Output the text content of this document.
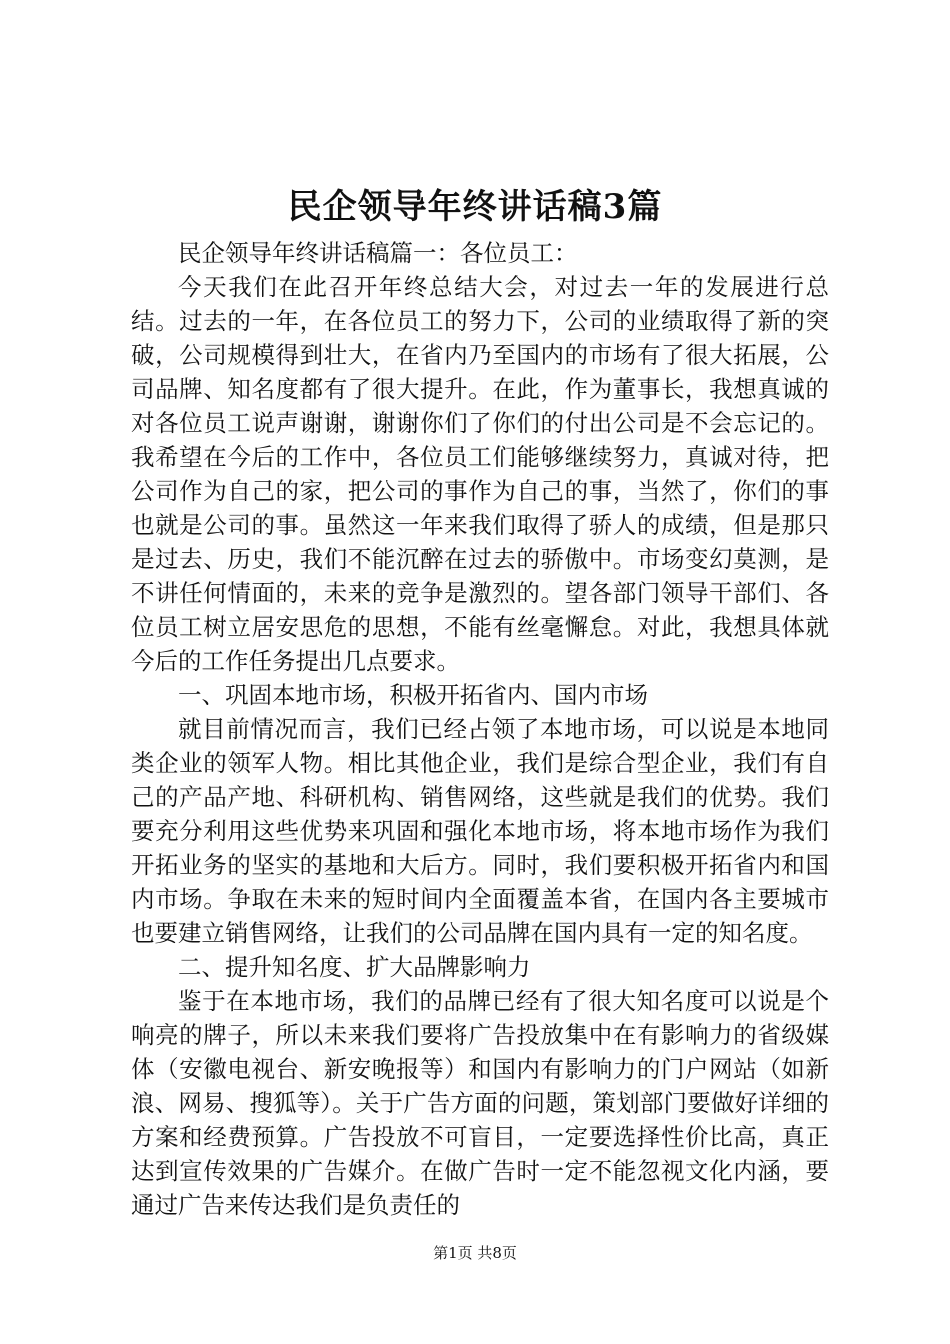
民企领导年终讲话稿3篇

民企领导年终讲话稿篇一：各位员工：

今天我们在此召开年终总结大会，对过去一年的发展进行总结。过去的一年，在各位员工的努力下，公司的业绩取得了新的突破，公司规模得到壮大，在省内乃至国内的市场有了很大拓展，公司品牌、知名度都有了很大提升。在此，作为董事长，我想真诚的对各位员工说声谢谢，谢谢你们了你们的付出公司是不会忘记的。我希望在今后的工作中，各位员工们能够继续努力，真诚对待，把公司作为自己的家，把公司的事作为自己的事，当然了，你们的事也就是公司的事。虽然这一年来我们取得了骄人的成绩，但是那只是过去、历史，我们不能沉醉在过去的骄傲中。市场变幻莫测，是不讲任何情面的，未来的竞争是激烈的。望各部门领导干部们、各位员工树立居安思危的思想，不能有丝毫懈怠。对此，我想具体就今后的工作任务提出几点要求。

一、巩固本地市场，积极开拓省内、国内市场

就目前情况而言，我们已经占领了本地市场，可以说是本地同类企业的领军人物。相比其他企业，我们是综合型企业，我们有自己的产品产地、科研机构、销售网络，这些就是我们的优势。我们要充分利用这些优势来巩固和强化本地市场，将本地市场作为我们开拓业务的坚实的基地和大后方。同时，我们要积极开拓省内和国内市场。争取在未来的短时间内全面覆盖本省，在国内各主要城市也要建立销售网络，让我们的公司品牌在国内具有一定的知名度。

二、提升知名度、扩大品牌影响力

鉴于在本地市场，我们的品牌已经有了很大知名度可以说是个响亮的牌子，所以未来我们要将广告投放集中在有影响力的省级媒体（安徽电视台、新安晚报等）和国内有影响力的门户网站（如新浪、网易、搜狐等）。关于广告方面的问题，策划部门要做好详细的方案和经费预算。广告投放不可盲目，一定要选择性价比高，真正达到宣传效果的广告媒介。在做广告时一定不能忽视文化内涵，要通过广告来传达我们是负责任的

第1页 共8页
